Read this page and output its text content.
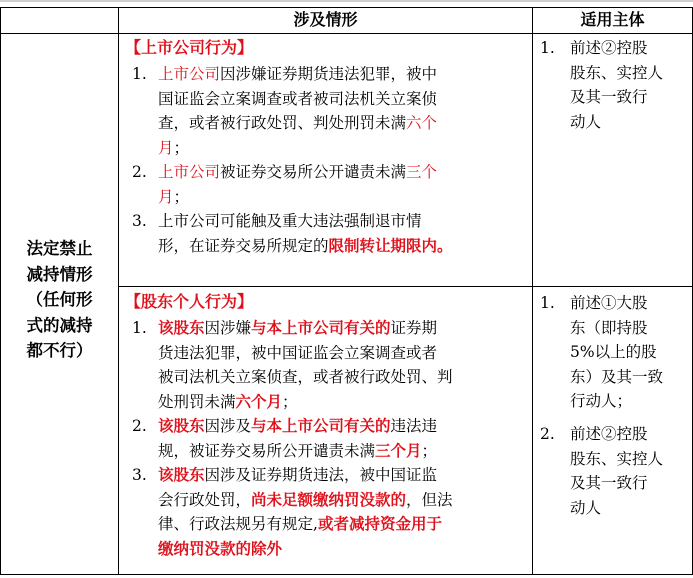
涉及情形	适用主体
法定禁止
减持情形
（任何形
式的减持
都不行）
【上市公司行为】
1. 上市公司因涉嫌证券期货违法犯罪，被中
国证监会立案调查或者被司法机关立案侦
查，或者被行政处罚、判处刑罚未满六个
月；
2. 上市公司被证券交易所公开谴责未满三个
月；
3. 上市公司可能触及重大违法强制退市情
形，在证券交易所规定的限制转让期限内。
1. 前述②控股
股东、实控人
及其一致行
动人
【股东个人行为】
1. 该股东因涉嫌与本上市公司有关的证券期
货违法犯罪，被中国证监会立案调查或者
被司法机关立案侦查，或者被行政处罚、判
处刑罚未满六个月；
2. 该股东因涉及与本上市公司有关的违法违
规，被证券交易所公开谴责未满三个月；
3. 该股东因涉及证券期货违法，被中国证监
会行政处罚，尚未足额缴纳罚没款的，但法
律、行政法规另有规定,或者减持资金用于
缴纳罚没款的除外
1. 前述①大股
东（即持股
5%以上的股
东）及其一致
行动人；
2. 前述②控股
股东、实控人
及其一致行
动人
